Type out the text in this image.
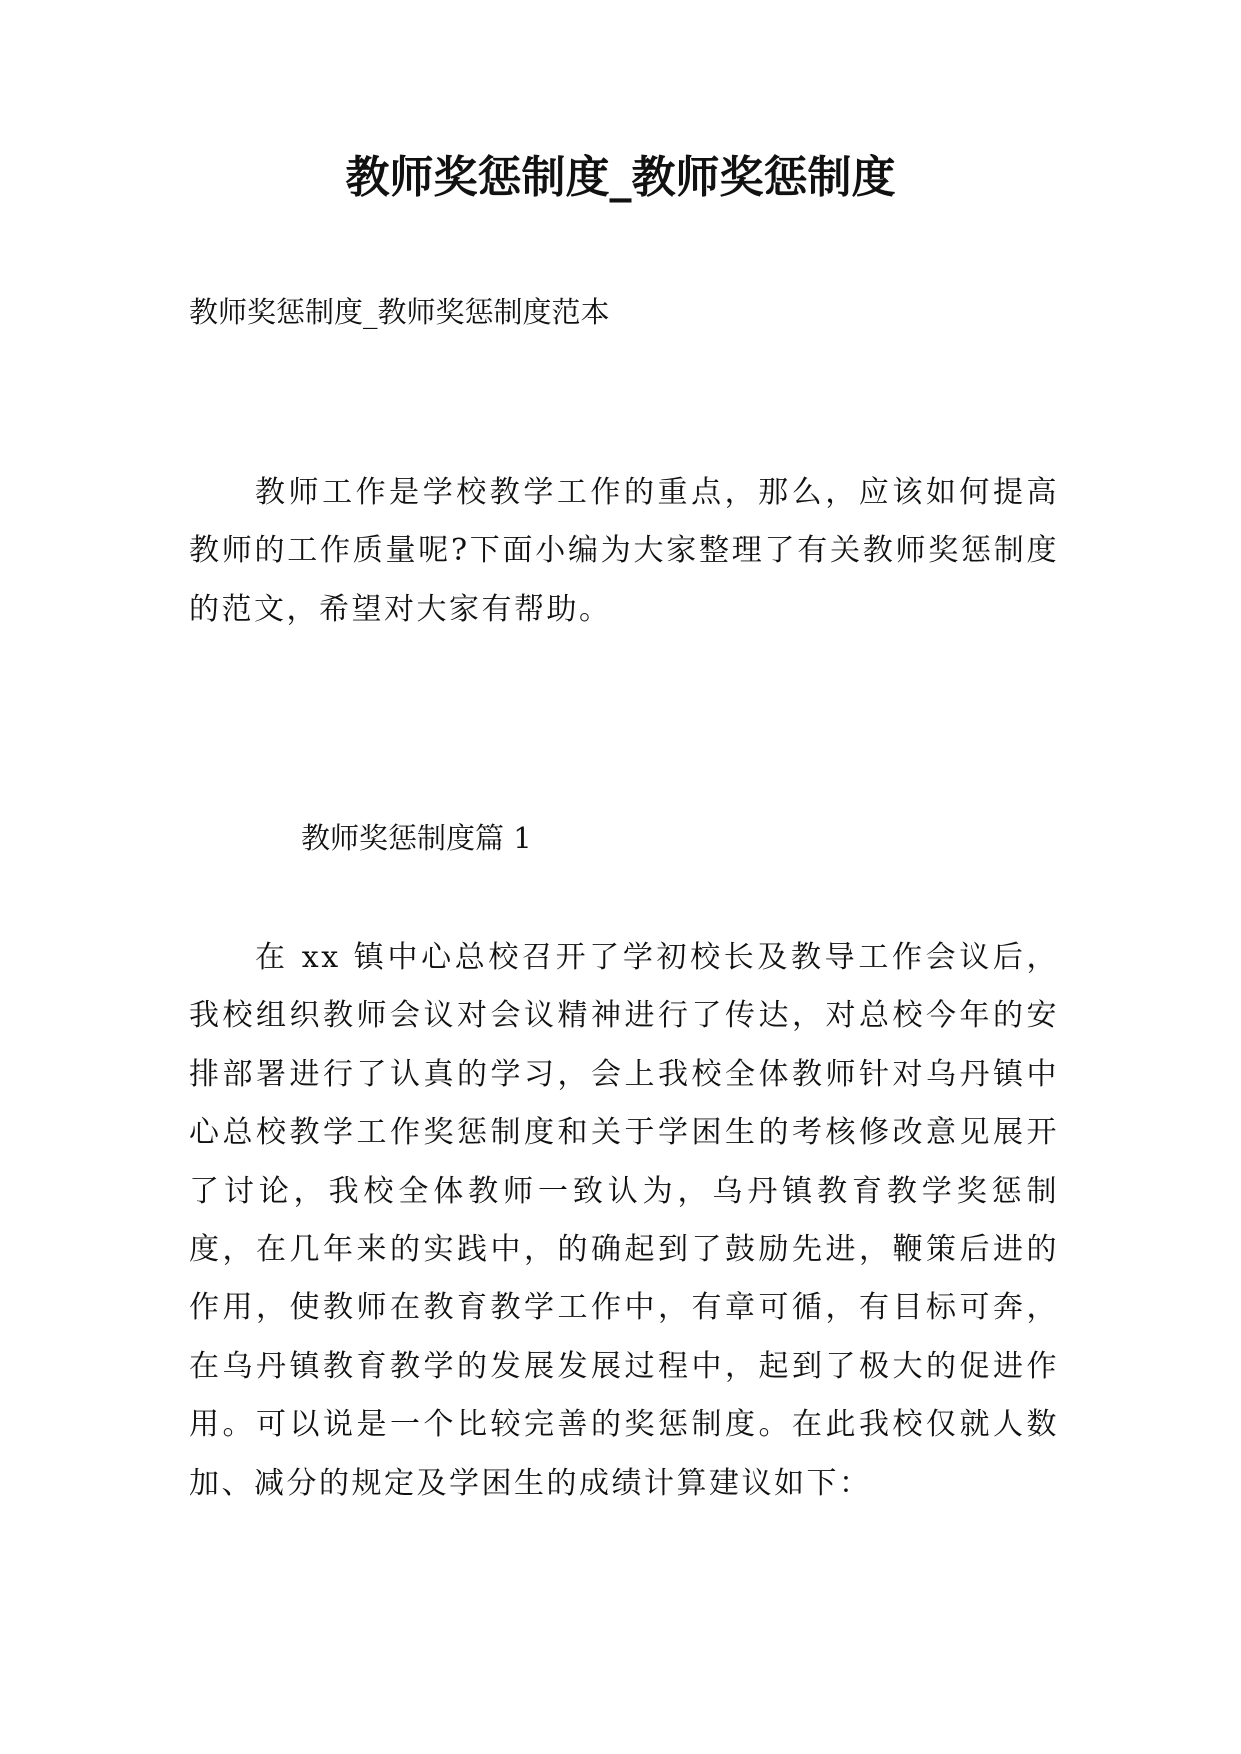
教师奖惩制度_教师奖惩制度
教师奖惩制度_教师奖惩制度范本

教师工作是学校教学工作的重点，那么，应该如何提高教师的工作质量呢?下面小编为大家整理了有关教师奖惩制度的范文，希望对大家有帮助。

教师奖惩制度篇 1

在 xx 镇中心总校召开了学初校长及教导工作会议后，我校组织教师会议对会议精神进行了传达，对总校今年的安排部署进行了认真的学习，会上我校全体教师针对乌丹镇中心总校教学工作奖惩制度和关于学困生的考核修改意见展开了讨论，我校全体教师一致认为，乌丹镇教育教学奖惩制度，在几年来的实践中，的确起到了鼓励先进，鞭策后进的作用，使教师在教育教学工作中，有章可循，有目标可奔，在乌丹镇教育教学的发展发展过程中，起到了极大的促进作用。可以说是一个比较完善的奖惩制度。在此我校仅就人数加、减分的规定及学困生的成绩计算建议如下：
